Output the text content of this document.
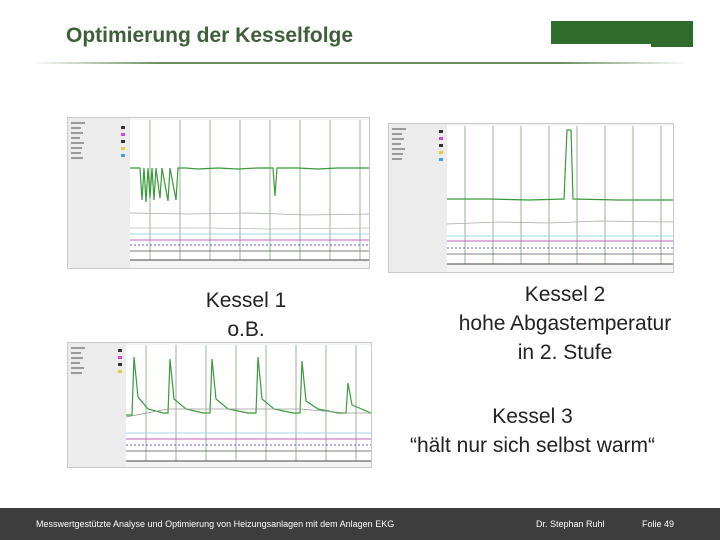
Optimierung der Kesselfolge
Kessel 1
o.B.
Kessel 2
hohe Abgastemperatur
in 2. Stufe
Kessel 3
“hält nur sich selbst warm“
Messwertgestützte Analyse und Optimierung von Heizungsanlagen mit dem Anlagen EKG	Dr. Stephan Ruhl	Folie 49
